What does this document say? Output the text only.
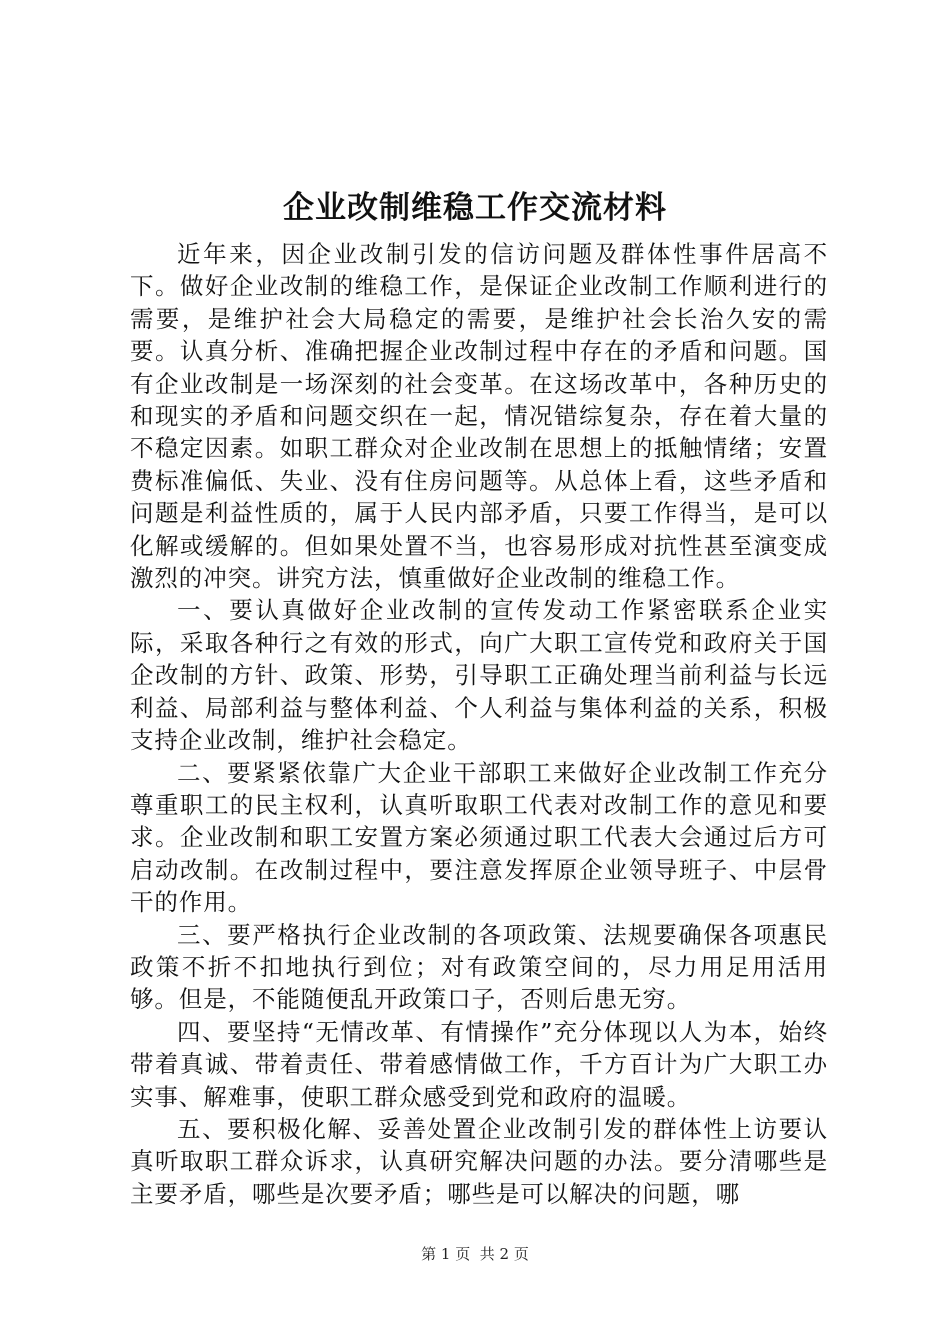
企业改制维稳工作交流材料

近年来，因企业改制引发的信访问题及群体性事件居高不下。做好企业改制的维稳工作，是保证企业改制工作顺利进行的需要，是维护社会大局稳定的需要，是维护社会长治久安的需要。认真分析、准确把握企业改制过程中存在的矛盾和问题。国有企业改制是一场深刻的社会变革。在这场改革中，各种历史的和现实的矛盾和问题交织在一起，情况错综复杂，存在着大量的不稳定因素。如职工群众对企业改制在思想上的抵触情绪；安置费标准偏低、失业、没有住房问题等。从总体上看，这些矛盾和问题是利益性质的，属于人民内部矛盾，只要工作得当，是可以化解或缓解的。但如果处置不当，也容易形成对抗性甚至演变成激烈的冲突。讲究方法，慎重做好企业改制的维稳工作。

一、要认真做好企业改制的宣传发动工作紧密联系企业实际，采取各种行之有效的形式，向广大职工宣传党和政府关于国企改制的方针、政策、形势，引导职工正确处理当前利益与长远利益、局部利益与整体利益、个人利益与集体利益的关系，积极支持企业改制，维护社会稳定。

二、要紧紧依靠广大企业干部职工来做好企业改制工作充分尊重职工的民主权利，认真听取职工代表对改制工作的意见和要求。企业改制和职工安置方案必须通过职工代表大会通过后方可启动改制。在改制过程中，要注意发挥原企业领导班子、中层骨干的作用。

三、要严格执行企业改制的各项政策、法规要确保各项惠民政策不折不扣地执行到位；对有政策空间的，尽力用足用活用够。但是，不能随便乱开政策口子，否则后患无穷。

四、要坚持“无情改革、有情操作”充分体现以人为本，始终带着真诚、带着责任、带着感情做工作，千方百计为广大职工办实事、解难事，使职工群众感受到党和政府的温暖。

五、要积极化解、妥善处置企业改制引发的群体性上访要认真听取职工群众诉求，认真研究解决问题的办法。要分清哪些是主要矛盾，哪些是次要矛盾；哪些是可以解决的问题，哪

第 1 页 共 2 页
